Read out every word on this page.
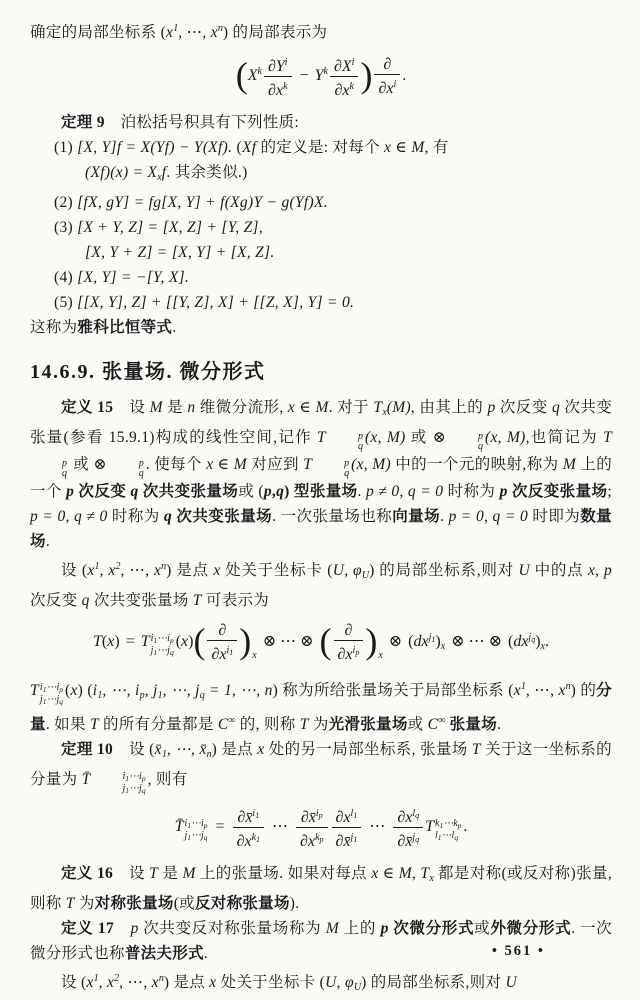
确定的局部坐标系 ($x^1$, ⋯, $x^n$) 的局部表示为
($X^k \frac{\partial Y^i}{\partial x^k} - Y^k \frac{\partial X^i}{\partial x^k}$ ) ∂
$\partial x^i$
.
定理 9　泊松括号积具有下列性质:
(1) [X, Y]f = X(Yf) − Y(Xf). (Xf 的定义是: 对每个 x ∈ M, 有
$(Xf)(x) = X_xf$. 其余类似.)
(2) [fX, gY] = fg[X, Y] + f(Xg)Y − g(Yf)X.
(3) [X + Y, Z] = [X, Z] + [Y, Z],
[X, Y + Z] = [X, Y] + [X, Z].
(4) [X, Y] = −[Y, X].
(5) [[X, Y], Z] + [[Y, Z], X] + [[Z, X], Y] = 0.
这称为雅科比恒等式.
14.6.9. 张量场. 微分形式
定义 15　设 M 是 n 维微分流形, x ∈ M. 对于 $T_x(M)$, 由其上的 p 次反变 q 次共变张量(参看 15.9.1)构成的线性空间,记作 T	p
q
(x, M) 或 ⊗	p
q
(x, M),也简记为 T
p
q
或 ⊗	p
q
. 使每个 x ∈ M 对应到 T	p
q
(x, M) 中的一个元的映射,称为 M 上的一个 p 次反变 q 次共变张量场或 (p,q) 型张量场. p ≠ 0, q = 0 时称为 p 次反变张量场; p = 0, q ≠ 0 时称为 q 次共变张量场. 一次张量场也称向量场. p = 0, q = 0 时即为数量场.
设 ($x^1$, $x^2$, ⋯, $x^n$) 是点 x 处关于坐标卡 (U, $\varphi_U$) 的局部坐标系,则对 U 中的点 x, p 次反变 q 次共变张量场 T 可表示为
T(x) = T $i_1\cdots i_p$
$j_1\cdots j_q$
(x)( ∂
$\partial x^{i_1}$ )x⊗ ⋯ ⊗ ( ∂
$\partial x^{i_p}$ )x⊗ $(dx^{j_1})_x$ ⊗ ⋯ ⊗ $(dx^{j_q})_x$.
T $i_1\cdots i_p$
$j_1\cdots j_q$
(x) ($i_1$, ⋯, $i_p$, $j_1$, ⋯, $j_q = 1$, ⋯, n) 称为所给张量场关于局部坐标系 ($x^1$, ⋯, $x^n$) 的分量. 如果 T 的所有分量都是 C∞ 的, 则称 T 为光滑张量场或 C∞ 张量场.
定理 10　设 ($x̄_1$, ⋯, $x̄_n$) 是点 x 处的另一局部坐标系, 张量场 T 关于这一坐标系的分量为 T̄	$i_1\cdots i_p$
$j_1\cdots j_q$
, 则有
T̄ $i_1\cdots i_p$
$j_1\cdots j_q$
= $\frac{\partial x̄^{i_1}}{\partial x^{k_1}}$ ⋯
∂x̄$^{i_p}$
$\partial x^{k_p} \frac{\partial x^{l_1}}{\partial x̄^{j_1}}$ ⋯
$\partial x^{l_q}$
∂x̄$^{j_q}$
T $k_1\cdots k_p$
$l_1\cdots l_q$
.
定义 16　设 T 是 M 上的张量场. 如果对每点 x ∈ M, $T_x$ 都是对称(或反对称)张量,则称 T 为对称张量场(或反对称张量场).
定义 17　 p 次共变反对称张量场称为 M 上的 p 次微分形式或外微分形式. 一次微分形式也称普法夫形式.
设 ($x^1$, $x^2$, ⋯, $x^n$) 是点 x 处关于坐标卡 (U, $\varphi_U$) 的局部坐标系,则对 U
• 561 •
